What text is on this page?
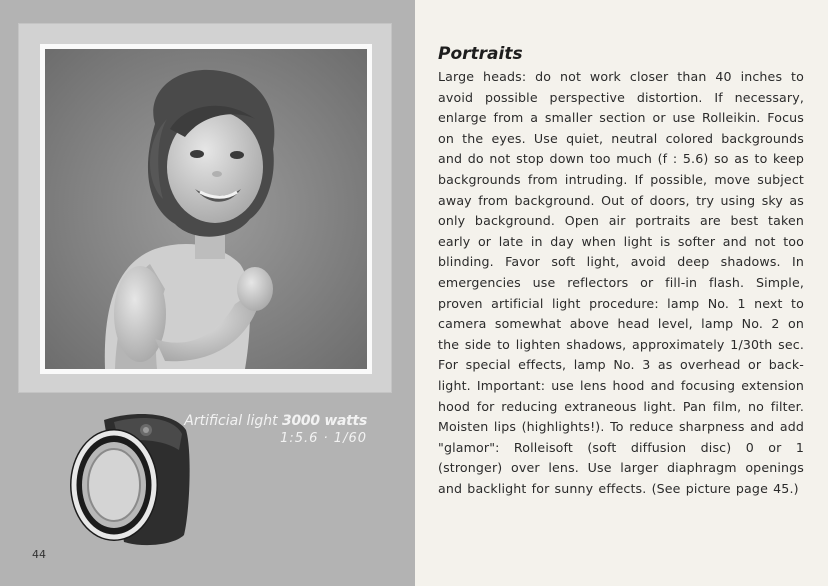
Artificial light 3000 watts
1:5.6 · 1/60
44
Portraits

Large heads: do not work closer than 40 inches to avoid possible perspective distortion. If necessary, enlarge from a smaller section or use Rolleikin. Focus on the eyes. Use quiet, neutral colored backgrounds and do not stop down too much (f : 5.6) so as to keep backgrounds from intruding. If possible, move subject away from background. Out of doors, try using sky as only background. Open air portraits are best taken early or late in day when light is softer and not too blinding. Favor soft light, avoid deep shadows. In emergencies use reflectors or fill-in flash. Simple, proven artificial light procedure: lamp No. 1 next to camera somewhat above head level, lamp No. 2 on the side to lighten shadows, approximately 1/30th sec. For special effects, lamp No. 3 as overhead or back-light. Important: use lens hood and focusing extension hood for reducing extraneous light. Pan film, no filter. Moisten lips (highlights!). To reduce sharpness and add "glamor": Rolleisoft (soft diffusion disc) 0 or 1 (stronger) over lens. Use larger diaphragm openings and backlight for sunny effects. (See picture page 45.)
